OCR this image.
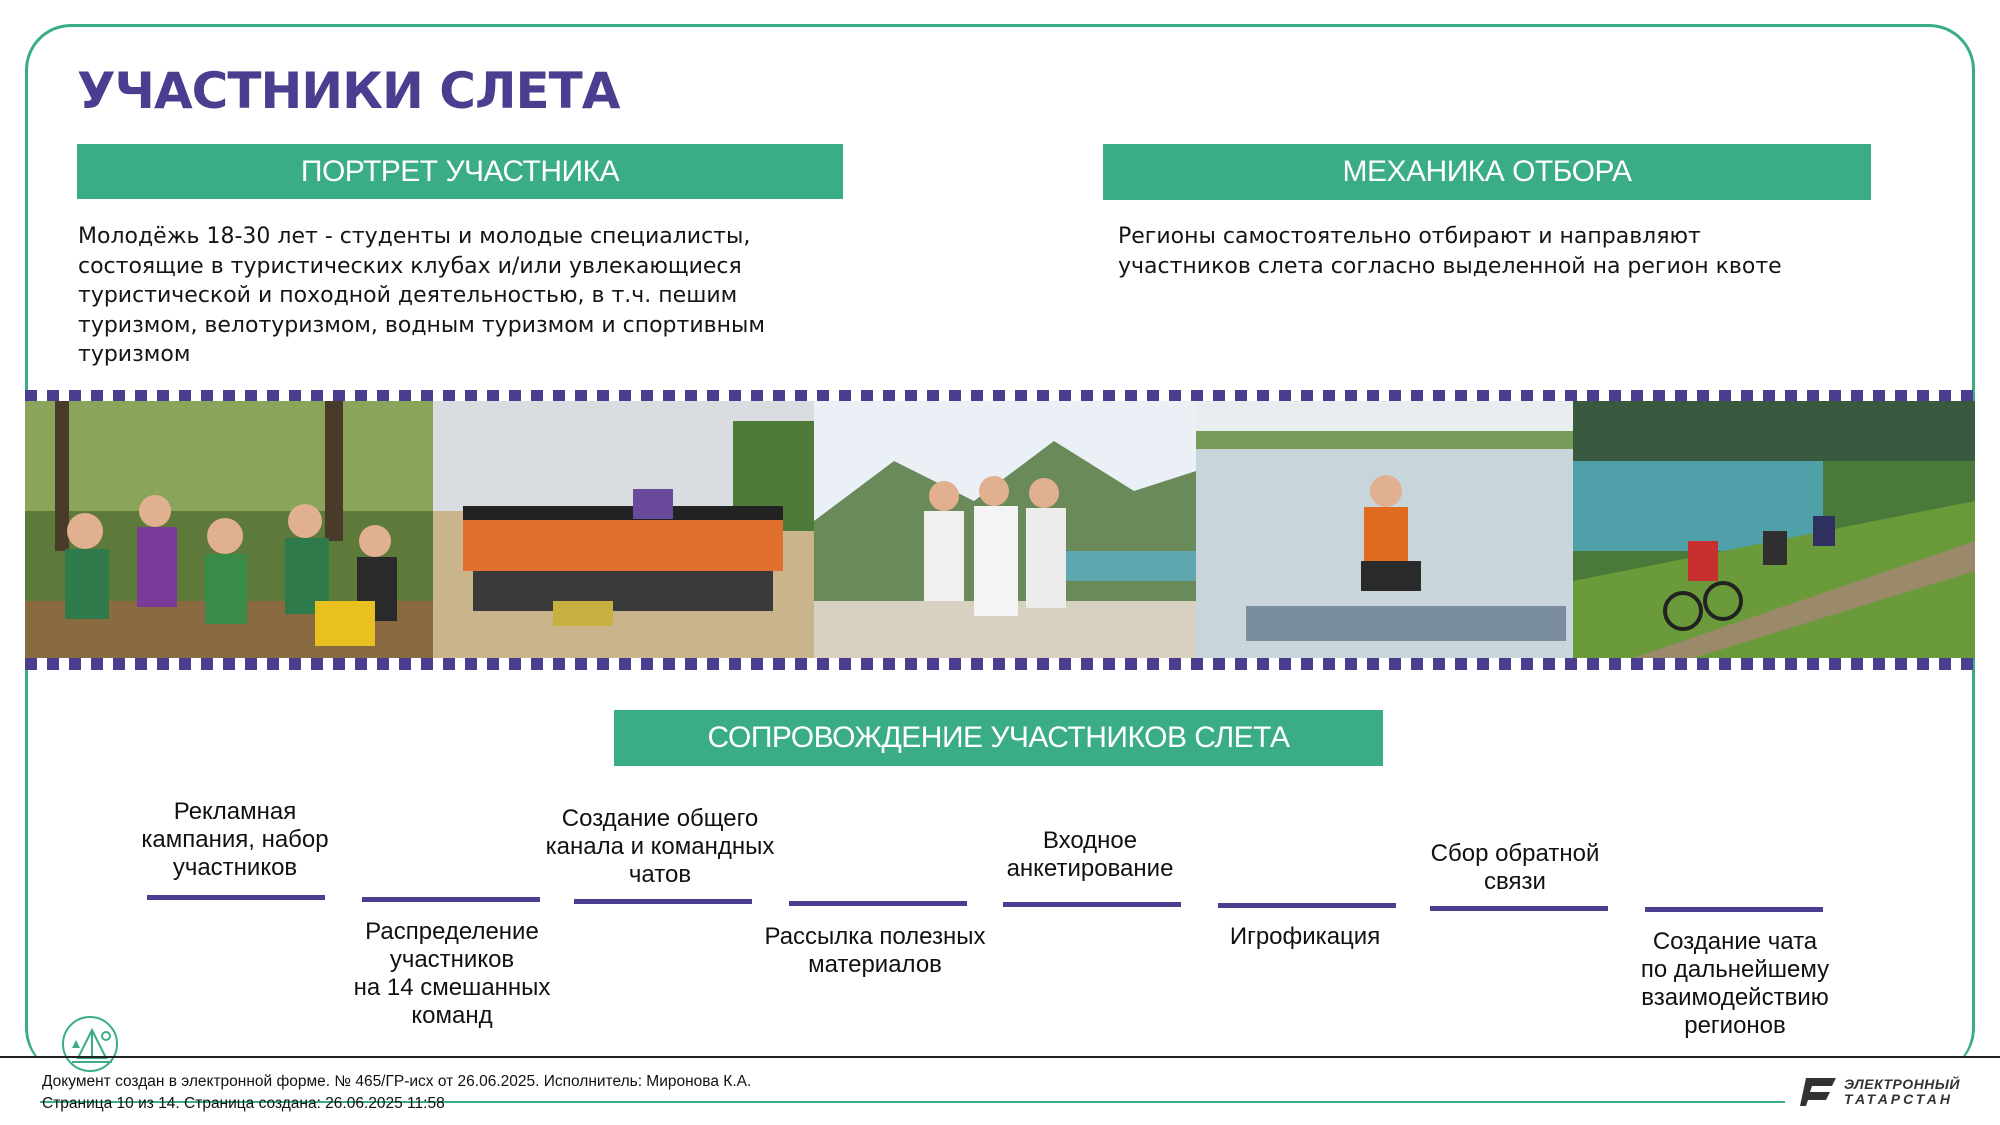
УЧАСТНИКИ СЛЕТА
ПОРТРЕТ УЧАСТНИКА
Молодёжь 18-30 лет - студенты и молодые специалисты,
состоящие в туристических клубах и/или увлекающиеся
туристической и походной деятельностью, в т.ч. пешим
туризмом, велотуризмом, водным туризмом и спортивным
туризмом
МЕХАНИКА ОТБОРА
Регионы самостоятельно отбирают и направляют
участников слета согласно выделенной на регион квоте
СОПРОВОЖДЕНИЕ УЧАСТНИКОВ СЛЕТА
Рекламная
кампания, набор
участников
Распределение
участников
на 14 смешанных
команд
Создание общего
канала и командных
чатов
Рассылка полезных
материалов
Входное
анкетирование
Игрофикация
Сбор обратной
связи
Создание чата
по дальнейшему
взаимодействию
регионов
Документ создан в электронной форме. № 465/ГР-исх от 26.06.2025. Исполнитель: Миронова К.А.
Страница 10 из 14. Страница создана: 26.06.2025 11:58
ЭЛЕКТРОННЫЙ
ТАТАРСТАН
